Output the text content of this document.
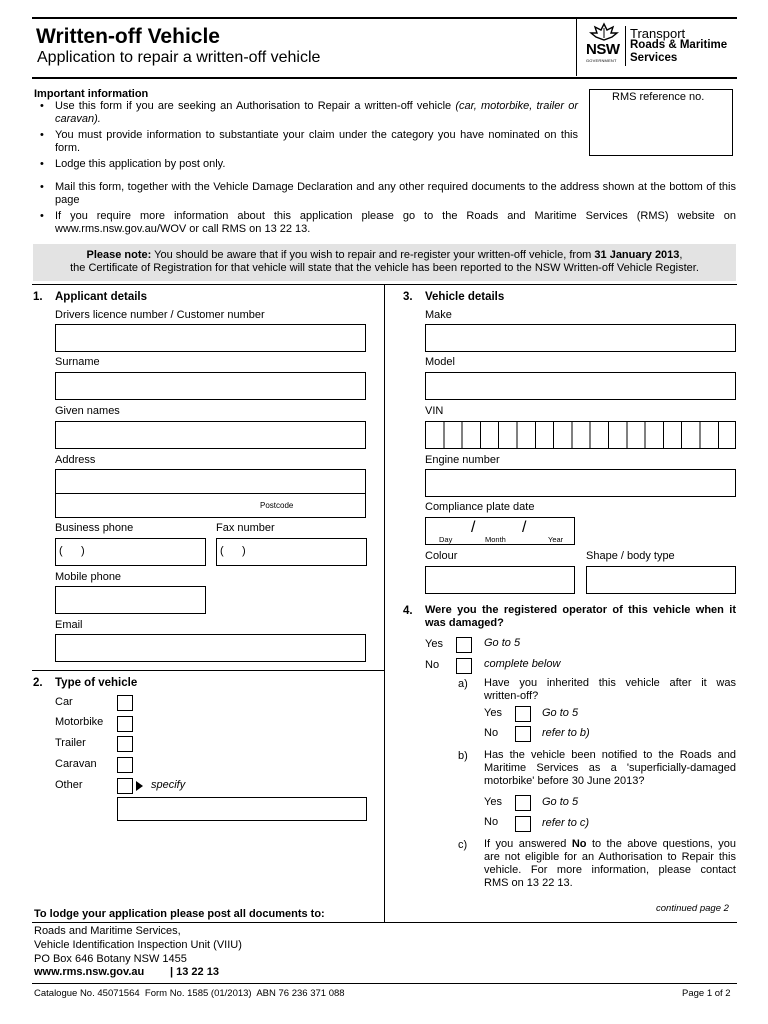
Written-off Vehicle
Application to repair a written-off vehicle	NSW
GOVERNMENT
Transport
Roads & Maritime
Services
Important information
• Use this form if you are seeking an Authorisation to Repair a written-off vehicle (car, motorbike, trailer or caravan).
• You must provide information to substantiate your claim under the category you have nominated on this form.
• Lodge this application by post only.
• Mail this form, together with the Vehicle Damage Declaration and any other required documents to the address shown at the bottom of this page
• If you require more information about this application please go to the Roads and Maritime Services (RMS) website on www.rms.nsw.gov.au/WOV or call RMS on 13 22 13.
RMS reference no.
Please note: You should be aware that if you wish to repair and re-register your written-off vehicle, from 31 January 2013,
the Certificate of Registration for that vehicle will state that the vehicle has been reported to the NSW Written-off Vehicle Register.
1. Applicant details
Drivers licence number / Customer number
Surname
Given names
Address
Postcode
Business phone
(      )
Fax number
(      )
Mobile phone
Email
2. Type of vehicle
Car
Motorbike
Trailer
Caravan
Other	specify
3. Vehicle details
Make
Model
VIN
Engine number
Compliance plate date
/	/
Day	Month	Year
Colour	Shape / body type
4. Were you the registered operator of this vehicle when it
was damaged?
Yes	Go to 5
No	complete below
a) Have you inherited this vehicle after it was
written-off?
Yes	Go to 5
No	refer to b)
b) Has the vehicle been notified to the Roads and
Maritime Services as a 'superficially-damaged
motorbike' before 30 June 2013?
Yes	Go to 5
No	refer to c)
c) If you answered No to the above questions, you
are not eligible for an Authorisation to Repair this
vehicle. For more information, please contact
RMS on 13 22 13.
continued page 2
To lodge your application please post all documents to:
Roads and Maritime Services,
Vehicle Identification Inspection Unit (VIIU)
PO Box 646 Botany NSW 1455
www.rms.nsw.gov.au | 13 22 13
Catalogue No. 45071564  Form No. 1585 (01/2013)  ABN 76 236 371 088	Page 1 of 2
